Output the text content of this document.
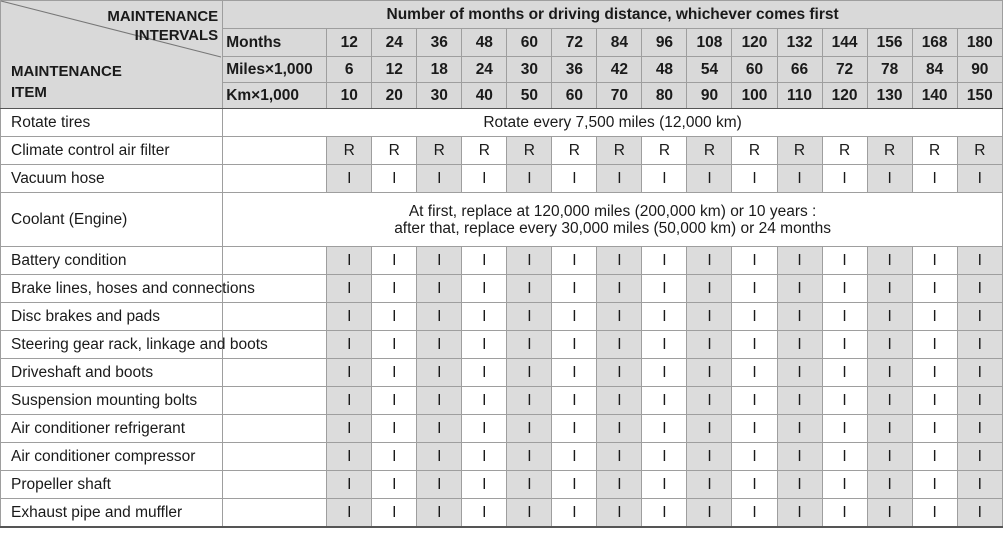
MAINTENANCE
INTERVALS
MAINTENANCE
ITEM	Number of months or driving distance, whichever comes first															
	Months	12	24	36	48	60	72	84	96	108	120	132	144	156	168	180
	Miles×1,000	6	12	18	24	30	36	42	48	54	60	66	72	78	84	90
	Km×1,000	10	20	30	40	50	60	70	80	90	100	110	120	130	140	150
Rotate tires	Rotate every 7,500 miles (12,000 km)															
Climate control air filter		R	R	R	R	R	R	R	R	R	R	R	R	R	R	R
Vacuum hose		I	I	I	I	I	I	I	I	I	I	I	I	I	I	I
Coolant (Engine)	At first, replace at 120,000 miles (200,000 km) or 10 years :
after that, replace every 30,000 miles (50,000 km) or 24 months															

Battery condition		I	I	I	I	I	I	I	I	I	I	I	I	I	I	I
Brake lines, hoses and connections		I	I	I	I	I	I	I	I	I	I	I	I	I	I	I
Disc brakes and pads		I	I	I	I	I	I	I	I	I	I	I	I	I	I	I
Steering gear rack, linkage and boots		I	I	I	I	I	I	I	I	I	I	I	I	I	I	I
Driveshaft and boots		I	I	I	I	I	I	I	I	I	I	I	I	I	I	I
Suspension mounting bolts		I	I	I	I	I	I	I	I	I	I	I	I	I	I	I
Air conditioner refrigerant		I	I	I	I	I	I	I	I	I	I	I	I	I	I	I
Air conditioner compressor		I	I	I	I	I	I	I	I	I	I	I	I	I	I	I
Propeller shaft		I	I	I	I	I	I	I	I	I	I	I	I	I	I	I
Exhaust pipe and muffler		I	I	I	I	I	I	I	I	I	I	I	I	I	I	I
